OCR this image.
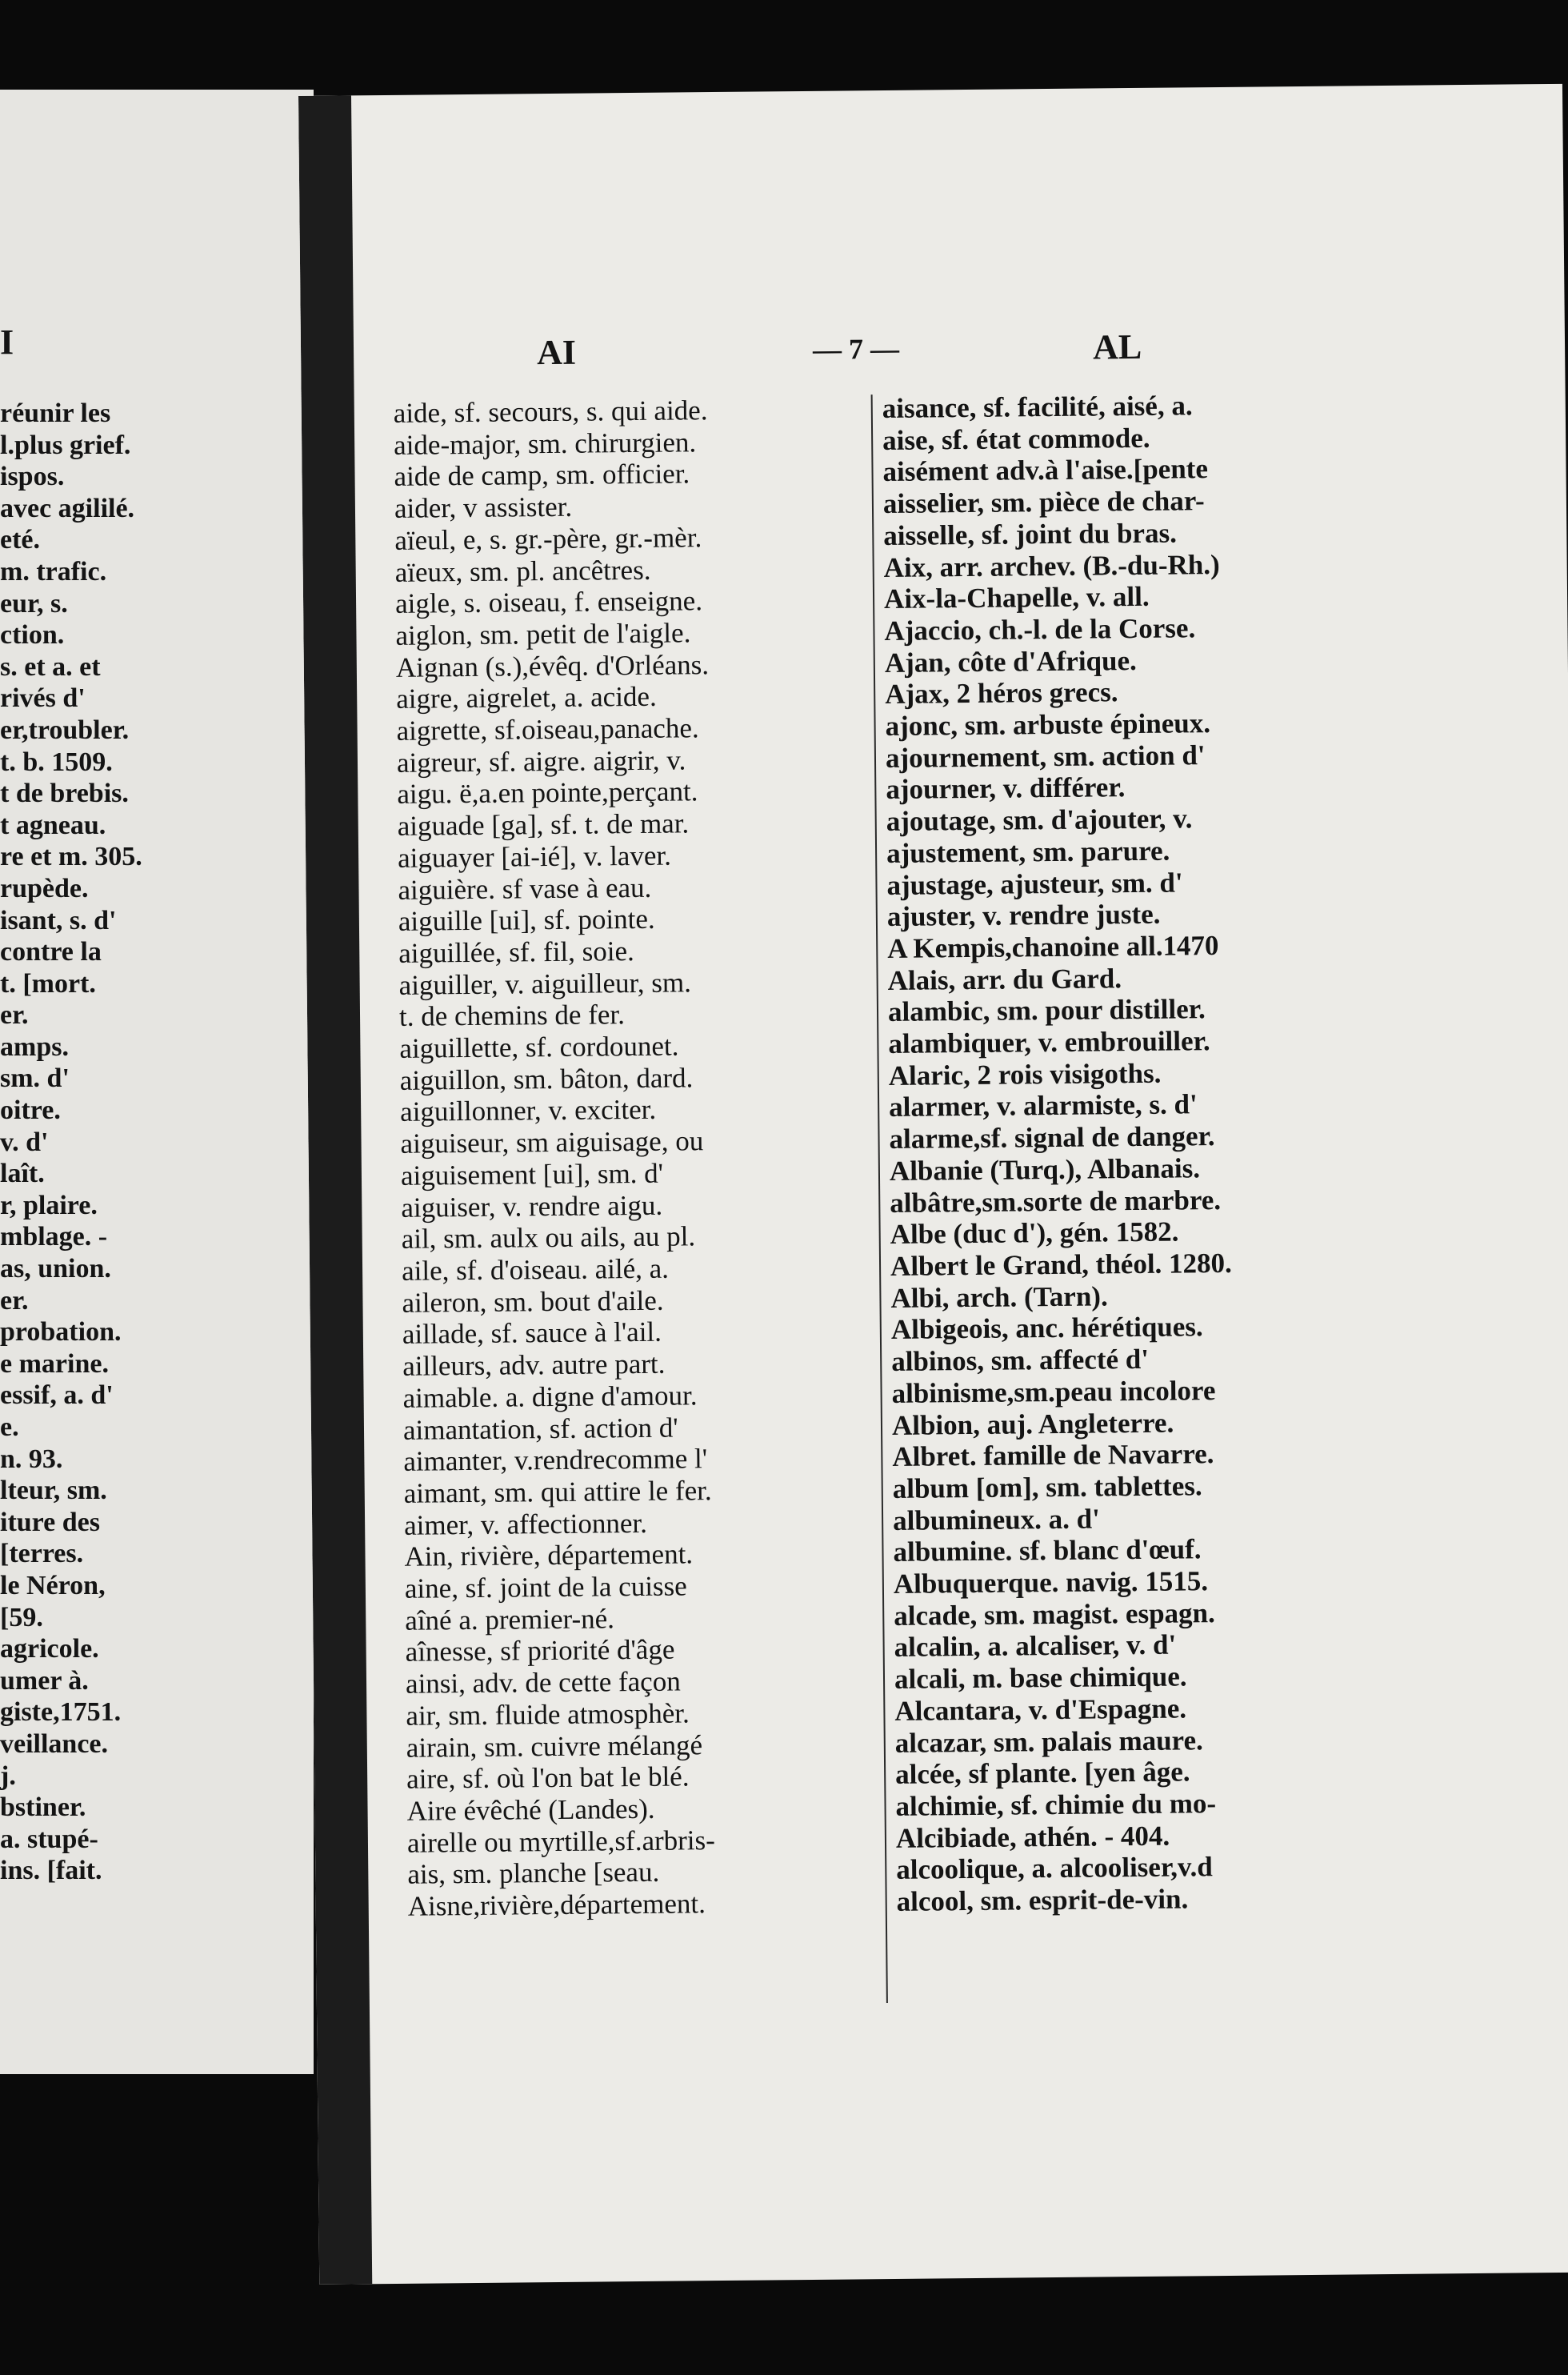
I
réunir les
l.plus grief.
ispos.
avec agililé.
eté.
m. trafic.
eur, s.
ction.
s. et a. et
rivés d'
er,troubler.
t. b. 1509.
t de brebis.
t agneau.
re et m. 305.
rupède.
isant, s. d'
contre la
t. [mort.
er.
amps.
sm. d'
oitre.
v. d'
laît.
r, plaire.
mblage. -
as, union.
er.
probation.
e marine.
essif, a. d'
e.
n. 93.
lteur, sm.
iture des
[terres.
le Néron,
[59.
agricole.
umer à.
giste,1751.
veillance.
j.
bstiner.
a. stupé-
ins. [fait.
AI	— 7 —	AL
aide, sf. secours, s. qui aide.
aide-major, sm. chirurgien.
aide de camp, sm. officier.
aider, v assister.
aïeul, e, s. gr.-père, gr.-mèr.
aïeux, sm. pl. ancêtres.
aigle, s. oiseau, f. enseigne.
aiglon, sm. petit de l'aigle.
Aignan (s.),évêq. d'Orléans.
aigre, aigrelet, a. acide.
aigrette, sf.oiseau,panache.
aigreur, sf. aigre. aigrir, v.
aigu. ë,a.en pointe,perçant.
aiguade [ga], sf. t. de mar.
aiguayer [ai-ié], v. laver.
aiguière. sf vase à eau.
aiguille [ui], sf. pointe.
aiguillée, sf. fil, soie.
aiguiller, v. aiguilleur, sm.
t. de chemins de fer.
aiguillette, sf. cordounet.
aiguillon, sm. bâton, dard.
aiguillonner, v. exciter.
aiguiseur, sm aiguisage, ou
aiguisement [ui], sm. d'
aiguiser, v. rendre aigu.
ail, sm. aulx ou ails, au pl.
aile, sf. d'oiseau. ailé, a.
aileron, sm. bout d'aile.
aillade, sf. sauce à l'ail.
ailleurs, adv. autre part.
aimable. a. digne d'amour.
aimantation, sf. action d'
aimanter, v.rendrecomme l'
aimant, sm. qui attire le fer.
aimer, v. affectionner.
Ain, rivière, département.
aine, sf. joint de la cuisse
aîné a. premier-né.
aînesse, sf priorité d'âge
ainsi, adv. de cette façon
air, sm. fluide atmosphèr.
airain, sm. cuivre mélangé
aire, sf. où l'on bat le blé.
Aire évêché (Landes).
airelle ou myrtille,sf.arbris-
ais, sm. planche [seau.
Aisne,rivière,département.
aisance, sf. facilité, aisé, a.
aise, sf. état commode.
aisément adv.à l'aise.[pente
aisselier, sm. pièce de char-
aisselle, sf. joint du bras.
Aix, arr. archev. (B.-du-Rh.)
Aix-la-Chapelle, v. all.
Ajaccio, ch.-l. de la Corse.
Ajan, côte d'Afrique.
Ajax, 2 héros grecs.
ajonc, sm. arbuste épineux.
ajournement, sm. action d'
ajourner, v. différer.
ajoutage, sm. d'ajouter, v.
ajustement, sm. parure.
ajustage, ajusteur, sm. d'
ajuster, v. rendre juste.
A Kempis,chanoine all.1470
Alais, arr. du Gard.
alambic, sm. pour distiller.
alambiquer, v. embrouiller.
Alaric, 2 rois visigoths.
alarmer, v. alarmiste, s. d'
alarme,sf. signal de danger.
Albanie (Turq.), Albanais.
albâtre,sm.sorte de marbre.
Albe (duc d'), gén. 1582.
Albert le Grand, théol. 1280.
Albi, arch. (Tarn).
Albigeois, anc. hérétiques.
albinos, sm. affecté d'
albinisme,sm.peau incolore
Albion, auj. Angleterre.
Albret. famille de Navarre.
album [om], sm. tablettes.
albumineux. a. d'
albumine. sf. blanc d'œuf.
Albuquerque. navig. 1515.
alcade, sm. magist. espagn.
alcalin, a. alcaliser, v. d'
alcali, m. base chimique.
Alcantara, v. d'Espagne.
alcazar, sm. palais maure.
alcée, sf plante. [yen âge.
alchimie, sf. chimie du mo-
Alcibiade, athén. - 404.
alcoolique, a. alcooliser,v.d
alcool, sm. esprit-de-vin.
